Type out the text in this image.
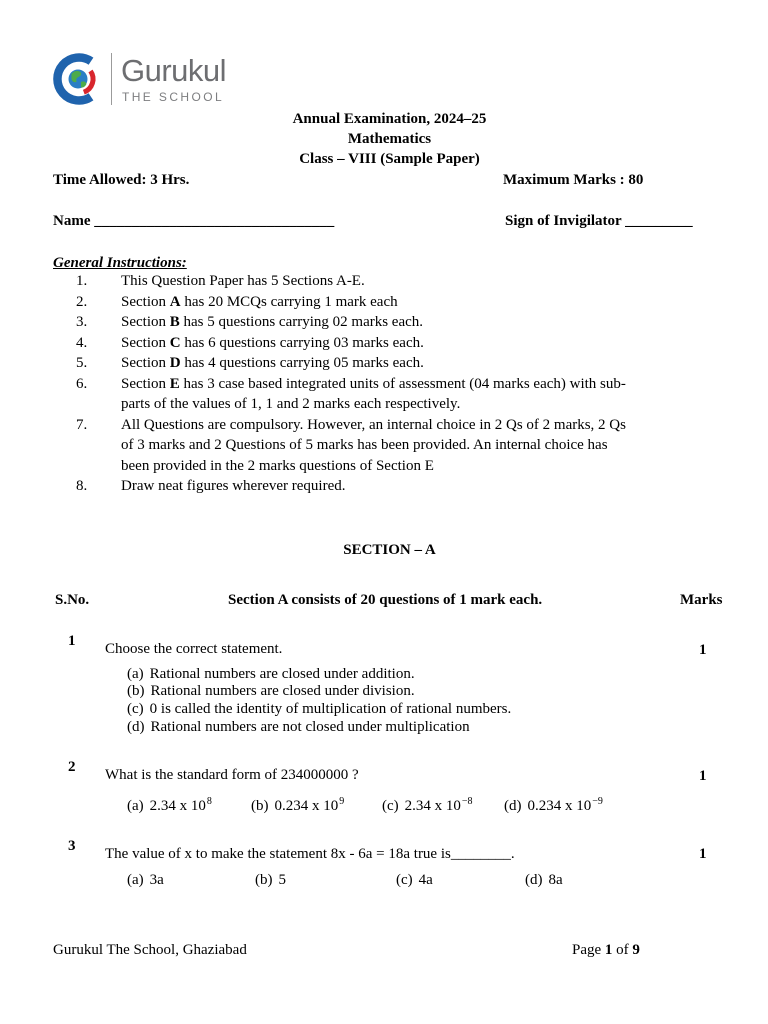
Gurukul
THE SCHOOL
Annual Examination, 2024–25
Mathematics
Class – VIII (Sample Paper)
Time Allowed: 3 Hrs.	Maximum Marks : 80
Name ________________________________	Sign of Invigilator _________
General Instructions:
1. This Question Paper has 5 Sections A-E.
2. Section A has 20 MCQs carrying 1 mark each
3. Section B has 5 questions carrying 02 marks each.
4. Section C has 6 questions carrying 03 marks each.
5. Section D has 4 questions carrying 05 marks each.
6. Section E has 3 case based integrated units of assessment (04 marks each) with sub-parts of the values of 1, 1 and 2 marks each respectively.
7. All Questions are compulsory. However, an internal choice in 2 Qs of 2 marks, 2 Qs of 3 marks and 2 Questions of 5 marks has been provided. An internal choice has been provided in the 2 marks questions of Section E
8. Draw neat figures wherever required.
SECTION – A
S.No.	Section A consists of 20 questions of 1 mark each.	Marks
1 Choose the correct statement.	1
(a) Rational numbers are closed under addition.
(b) Rational numbers are closed under division.
(c) 0 is called the identity of multiplication of rational numbers.
(d) Rational numbers are not closed under multiplication
2 What is the standard form of 234000000 ?	1
(a) 2.34 x $10^8$	(b) 0.234 x $10^9$	(c) 2.34 x $10^{-8}$ (d) 0.234 x $10^{-9}$
3 The value of x to make the statement 8x - 6a = 18a true is________.	1
(a) 3a	(b) 5	(c) 4a	(d) 8a
Gurukul The School, Ghaziabad	Page 1 of 9
